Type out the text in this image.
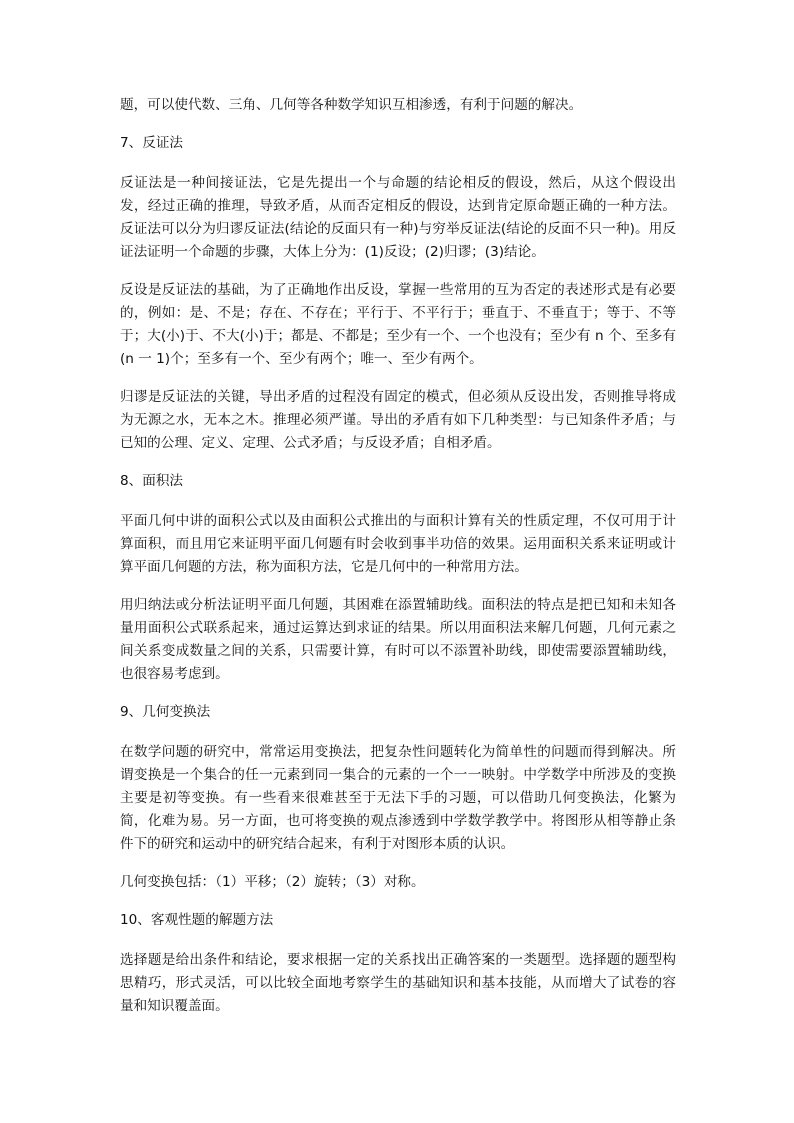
题，可以使代数、三角、几何等各种数学知识互相渗透，有利于问题的解决。

7、反证法

反证法是一种间接证法，它是先提出一个与命题的结论相反的假设，然后，从这个假设出发，经过正确的推理，导致矛盾，从而否定相反的假设，达到肯定原命题正确的一种方法。反证法可以分为归谬反证法(结论的反面只有一种)与穷举反证法(结论的反面不只一种)。用反证法证明一个命题的步骤，大体上分为：(1)反设；(2)归谬；(3)结论。

反设是反证法的基础，为了正确地作出反设，掌握一些常用的互为否定的表述形式是有必要的，例如：是、不是；存在、不存在；平行于、不平行于；垂直于、不垂直于；等于、不等于；大(小)于、不大(小)于；都是、不都是；至少有一个、一个也没有；至少有 n 个、至多有(n 一 1)个；至多有一个、至少有两个；唯一、至少有两个。

归谬是反证法的关键，导出矛盾的过程没有固定的模式，但必须从反设出发，否则推导将成为无源之水，无本之木。推理必须严谨。导出的矛盾有如下几种类型：与已知条件矛盾；与已知的公理、定义、定理、公式矛盾；与反设矛盾；自相矛盾。

8、面积法

平面几何中讲的面积公式以及由面积公式推出的与面积计算有关的性质定理，不仅可用于计算面积，而且用它来证明平面几何题有时会收到事半功倍的效果。运用面积关系来证明或计算平面几何题的方法，称为面积方法，它是几何中的一种常用方法。

用归纳法或分析法证明平面几何题，其困难在添置辅助线。面积法的特点是把已知和未知各量用面积公式联系起来，通过运算达到求证的结果。所以用面积法来解几何题，几何元素之间关系变成数量之间的关系，只需要计算，有时可以不添置补助线，即使需要添置辅助线，也很容易考虑到。

9、几何变换法

在数学问题的研究中，常常运用变换法，把复杂性问题转化为简单性的问题而得到解决。所谓变换是一个集合的任一元素到同一集合的元素的一个一一映射。中学数学中所涉及的变换主要是初等变换。有一些看来很难甚至于无法下手的习题，可以借助几何变换法，化繁为简，化难为易。另一方面，也可将变换的观点渗透到中学数学教学中。将图形从相等静止条件下的研究和运动中的研究结合起来，有利于对图形本质的认识。

几何变换包括：（1）平移；（2）旋转；（3）对称。

10、客观性题的解题方法

选择题是给出条件和结论，要求根据一定的关系找出正确答案的一类题型。选择题的题型构思精巧，形式灵活，可以比较全面地考察学生的基础知识和基本技能，从而增大了试卷的容量和知识覆盖面。
